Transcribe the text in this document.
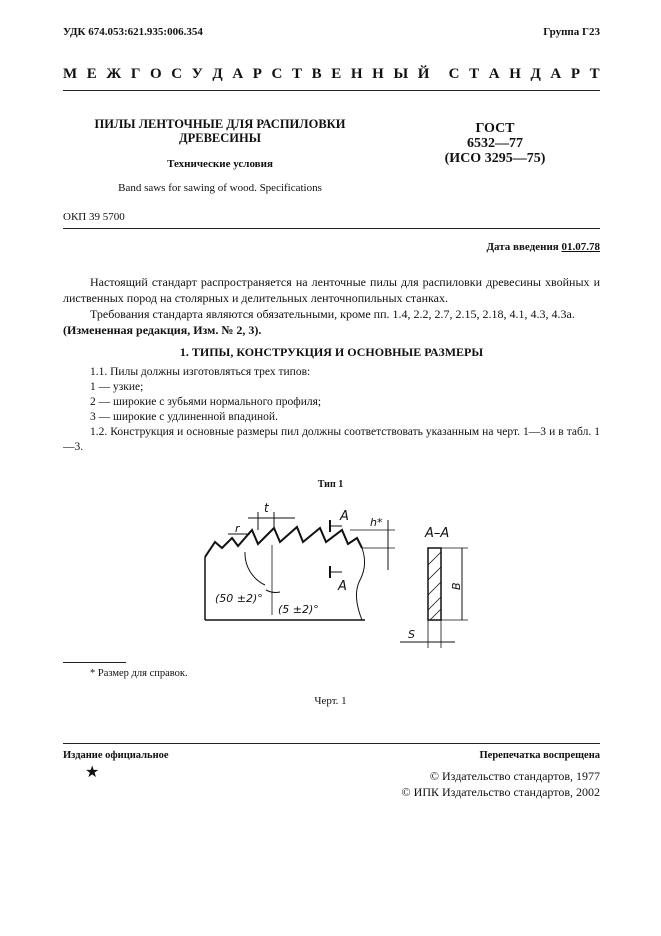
УДК 674.053:621.935:006.354	Группа Г23
М Е Ж Г О С У Д А Р С Т В Е Н Н Ы Й С Т А Н Д А Р Т
ПИЛЫ ЛЕНТОЧНЫЕ ДЛЯ РАСПИЛОВКИ
ДРЕВЕСИНЫ
Технические условия
Band saws for sawing of wood. Specifications
ГОСТ
6532—77
(ИСО 3295—75)
ОКП 39 5700
Дата введения 01.07.78
Настоящий стандарт распространяется на ленточные пилы для распиловки древесины хвойных и лиственных пород на столярных и делительных ленточнопильных станках.
Требования стандарта являются обязательными, кроме пп. 1.4, 2.2, 2.7, 2.15, 2.18, 4.1, 4.3, 4.3а.
(Измененная редакция, Изм. № 2, 3).
1. ТИПЫ, КОНСТРУКЦИЯ И ОСНОВНЫЕ РАЗМЕРЫ
1.1. Пилы должны изготовляться трех типов:
1 — узкие;
2 — широкие с зубьями нормального профиля;
3 — широкие с удлиненной впадиной.
1.2. Конструкция и основные размеры пил должны соответствовать указанным на черт. 1—3 и в табл. 1—3.
Тип 1
t
r
A
A
h*
(50 ±2)°
(5 ±2)°
А–А
B
S
* Размер для справок.
Черт. 1
Издание официальное
★
Перепечатка воспрещена
© Издательство стандартов, 1977
© ИПК Издательство стандартов, 2002
